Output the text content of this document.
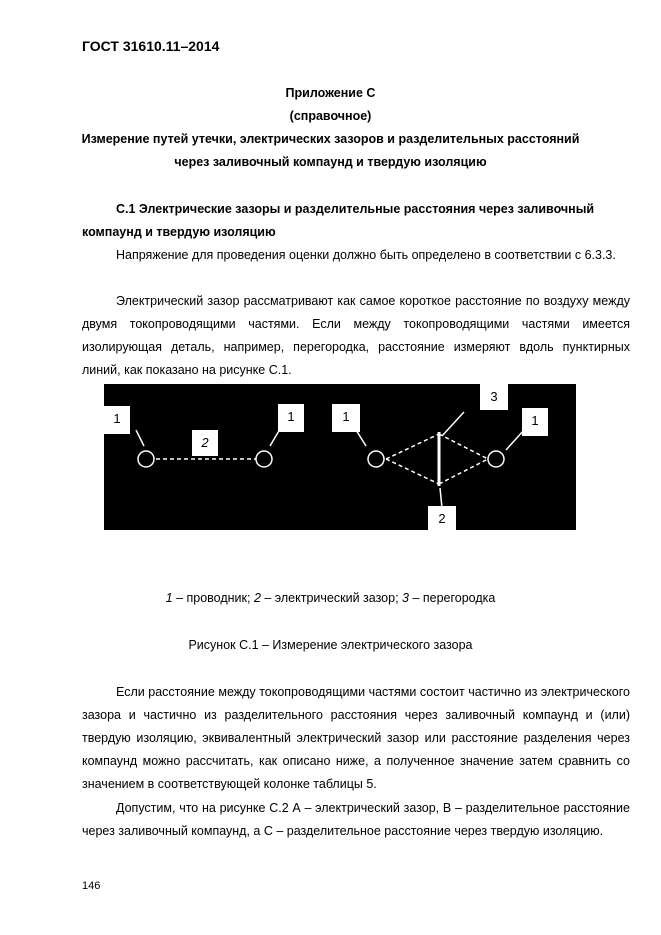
ГОСТ 31610.11–2014
Приложение С
(справочное)
Измерение путей утечки, электрических зазоров и разделительных расстояний
через заливочный компаунд и твердую изоляцию

С.1 Электрические зазоры и разделительные расстояния через заливочный

компаунд и твердую изоляцию

Напряжение для проведения оценки должно быть определено в соответствии с 6.3.3.

Электрический зазор рассматривают как самое короткое расстояние по воздуху между двумя токопроводящими частями. Если между токопроводящими частями имеется изолирующая деталь, например, перегородка, расстояние измеряют вдоль пунктирных линий, как показано на рисунке С.1.

1
2
1	1
3
1
2
1 – проводник; 2 – электрический зазор; 3 – перегородка
Рисунок С.1 – Измерение электрического зазора

Если расстояние между токопроводящими частями состоит частично из электрического зазора и частично из разделительного расстояния через заливочный компаунд и (или) твердую изоляцию, эквивалентный электрический зазор или расстояние разделения через компаунд можно рассчитать, как описано ниже, а полученное значение затем сравнить со значением в соответствующей колонке таблицы 5.

Допустим, что на рисунке С.2 А – электрический зазор, В – разделительное расстояние через заливочный компаунд, а С – разделительное расстояние через твердую изоляцию.

146
